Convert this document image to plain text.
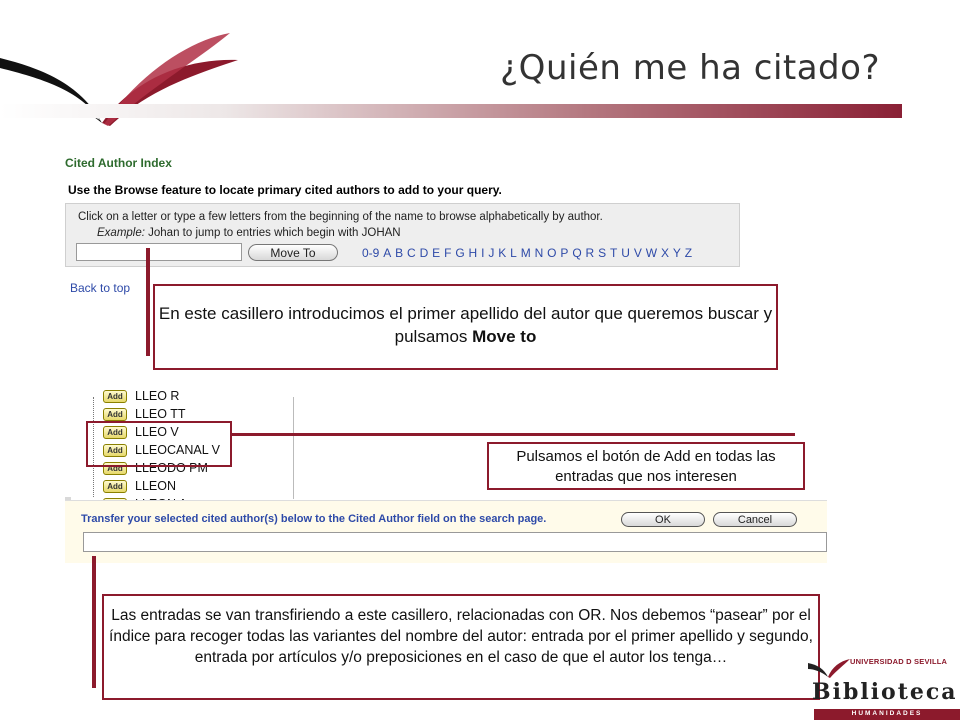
¿Quién me ha citado?
Cited Author Index
Use the Browse feature to locate primary cited authors to add to your query.
Click on a letter or type a few letters from the beginning of the name to browse alphabetically by author.
Example: Johan to jump to entries which begin with JOHAN
Move To	0-9 A B C D E F G H I J K L M N O P Q R S T U V W X Y Z
Back to top
En este casillero introducimos el primer apellido del autor que queremos buscar y pulsamos Move to
Add LLEO R
Add LLEO TT
Add LLEO V
Add LLEOCANAL V
Add LLEODO PM
Add LLEON
Pulsamos el botón de Add en todas las entradas que nos interesen
Transfer your selected cited author(s) below to the Cited Author field on the search page.	OK	Cancel
Las entradas se van transfiriendo a este casillero, relacionadas con OR. Nos debemos “pasear” por el índice para recoger todas las variantes del nombre del autor: entrada por el primer apellido y segundo, entrada por artículos y/o preposiciones en el caso de que el autor los tenga…	UNIVERSIDAD D SEVILLA
Biblioteca
HUMANIDADES
